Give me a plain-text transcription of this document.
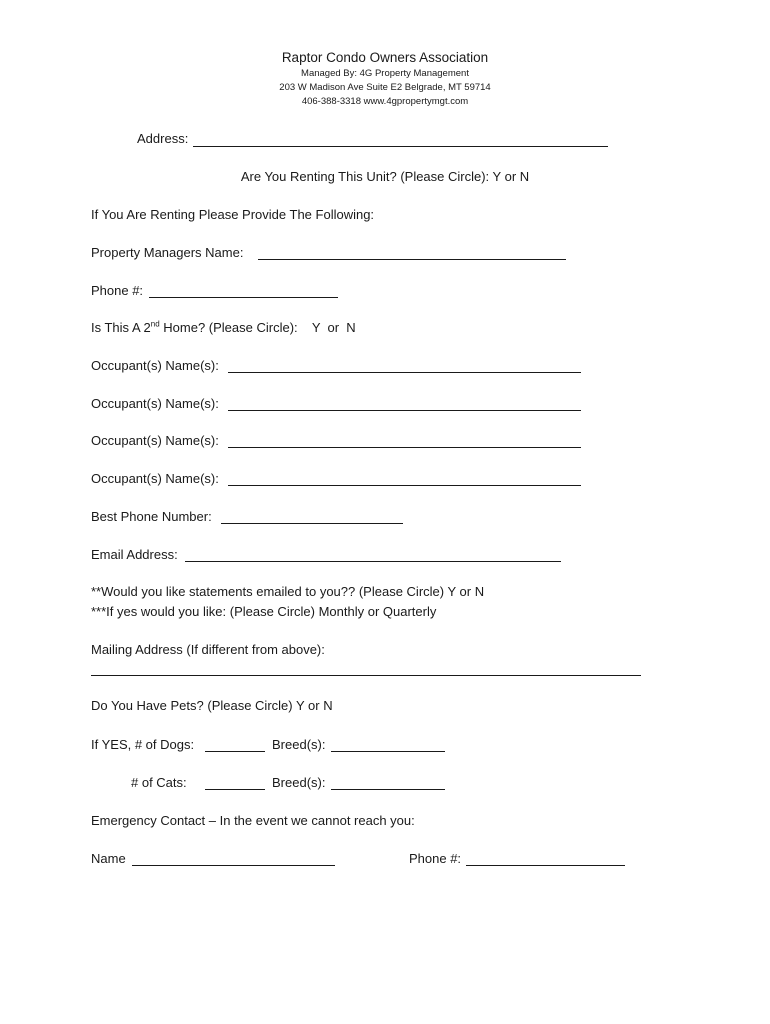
Raptor Condo Owners Association
Managed By: 4G Property Management
203 W Madison Ave Suite E2 Belgrade, MT 59714
406-388-3318 www.4gpropertymgt.com
Address:
Are You Renting This Unit? (Please Circle): Y or N
If You Are Renting Please Provide The Following:
Property Managers Name:
Phone #:
Is This A 2nd Home? (Please Circle):    Y  or  N
Occupant(s) Name(s):
Occupant(s) Name(s):
Occupant(s) Name(s):
Occupant(s) Name(s):
Best Phone Number:
Email Address:
**Would you like statements emailed to you?? (Please Circle) Y or N
***If yes would you like: (Please Circle) Monthly or Quarterly
Mailing Address (If different from above):
Do You Have Pets? (Please Circle) Y or N
If YES, # of Dogs:	Breed(s):
# of Cats:	Breed(s):
Emergency Contact – In the event we cannot reach you:
Name	Phone #:
